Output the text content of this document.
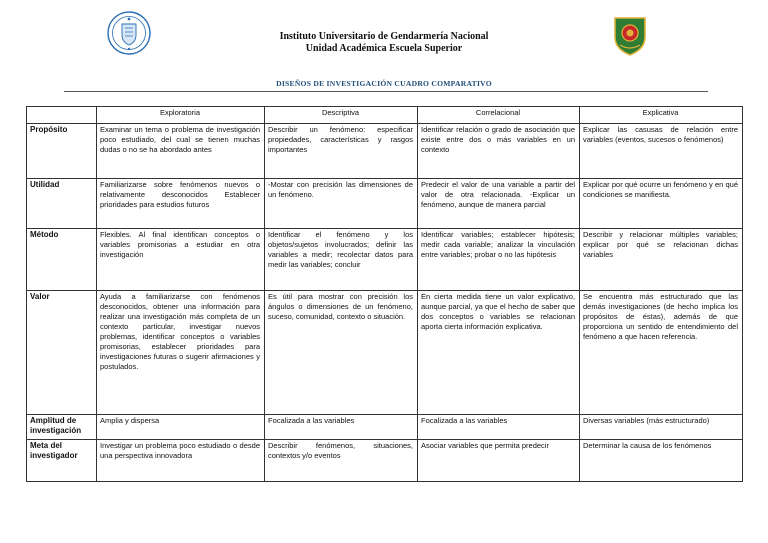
Instituto Universitario de Gendarmería Nacional
Unidad Académica Escuela Superior
DISEÑOS DE INVESTIGACIÓN CUADRO COMPARATIVO
	Exploratoria	Descriptiva	Correlacional	Explicativa
Propósito	Examinar un tema o problema de investigación poco estudiado, del cual se tienen muchas dudas o no se ha abordado antes	Describir un fenómeno: especificar propiedades, características y rasgos importantes	Identificar relación o grado de asociación que existe entre dos o más variables en un contexto	Explicar las casusas de relación entre variables (eventos, sucesos o fenómenos)
Utilidad	Familiarizarse sobre fenómenos nuevos o relativamente desconocidos Establecer prioridades para estudios futuros	-Mostar con precisión las dimensiones de un fenómeno.	Predecir el valor de una variable a partir del valor de otra relacionada. -Explicar un fenómeno, aunque de manera parcial	Explicar por qué ocurre un fenómeno y en qué condiciones se manifiesta.
Método	Flexibles. Al final identifican conceptos o variables promisorias a estudiar en otra investigación	Identificar el fenómeno y los objetos/sujetos involucrados; definir las variables a medir; recolectar datos para medir las variables; concluir	Identificar variables; establecer hipótesis; medir cada variable; analizar la vinculación entre variables; probar o no las hipótesis	Describir y relacionar múltiples variables; explicar por qué se relacionan dichas variables
Valor	Ayuda a familiarizarse con fenómenos desconocidos, obtener una información para realizar una investigación más completa de un contexto particular, investigar nuevos problemas, identificar conceptos o variables promisorias, establecer prioridades para investigaciones futuras o sugerir afirmaciones y postulados.	Es útil para mostrar con precisión los ángulos o dimensiones de un fenómeno, suceso, comunidad, contexto o situación.	En cierta medida tiene un valor explicativo, aunque parcial, ya que el hecho de saber que dos conceptos o variables se relacionan aporta cierta información explicativa.	Se encuentra más estructurado que las demás investigaciones (de hecho implica los propósitos de éstas), además de que proporciona un sentido de entendimiento del fenómeno a que hacen referencia.
Amplitud de investigación	Amplia y dispersa	Focalizada a las variables	Focalizada a las variables	Diversas variables (más estructurado)
Meta del investigador	Investigar un problema poco estudiado o desde una perspectiva innovadora	Describir fenómenos, situaciones, contextos y/o eventos	Asociar variables que permita predecir	Determinar la causa de los fenómenos
